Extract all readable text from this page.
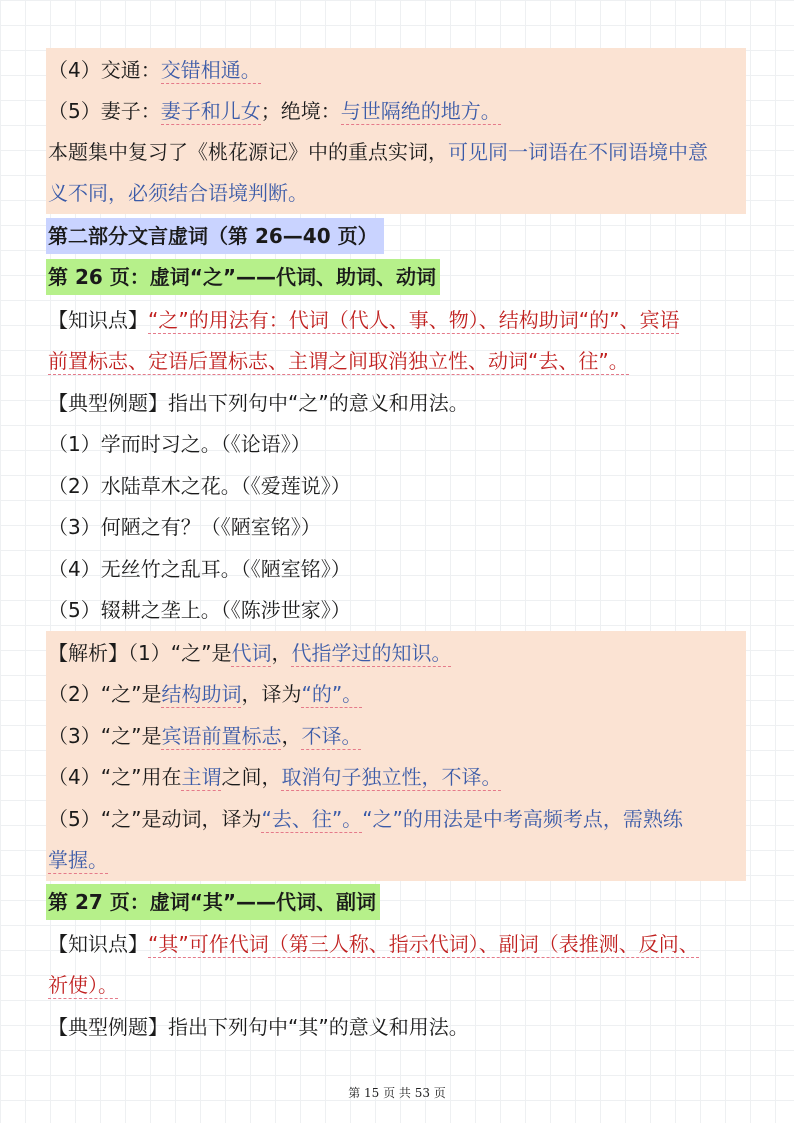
（4）交通：交错相通。
（5）妻子：妻子和儿女；绝境：与世隔绝的地方。
本题集中复习了《桃花源记》中的重点实词，可见同一词语在不同语境中意
义不同，必须结合语境判断。
第二部分文言虚词（第 26—40 页）
第 26 页：虚词“之”——代词、助词、动词
【知识点】“之”的用法有：代词（代人、事、物）、结构助词“的”、宾语
前置标志、定语后置标志、主谓之间取消独立性、动词“去、往”。
【典型例题】指出下列句中“之”的意义和用法。
（1）学而时习之。（《论语》）
（2）水陆草木之花。（《爱莲说》）
（3）何陋之有？（《陋室铭》）
（4）无丝竹之乱耳。（《陋室铭》）
（5）辍耕之垄上。（《陈涉世家》）
【解析】（1）“之”是代词，代指学过的知识。
（2）“之”是结构助词，译为“的”。
（3）“之”是宾语前置标志，不译。
（4）“之”用在主谓之间，取消句子独立性，不译。
（5）“之”是动词，译为“去、往”。“之”的用法是中考高频考点，需熟练
掌握。
第 27 页：虚词“其”——代词、副词
【知识点】“其”可作代词（第三人称、指示代词）、副词（表推测、反问、
祈使）。
【典型例题】指出下列句中“其”的意义和用法。
第 15 页 共 53 页
